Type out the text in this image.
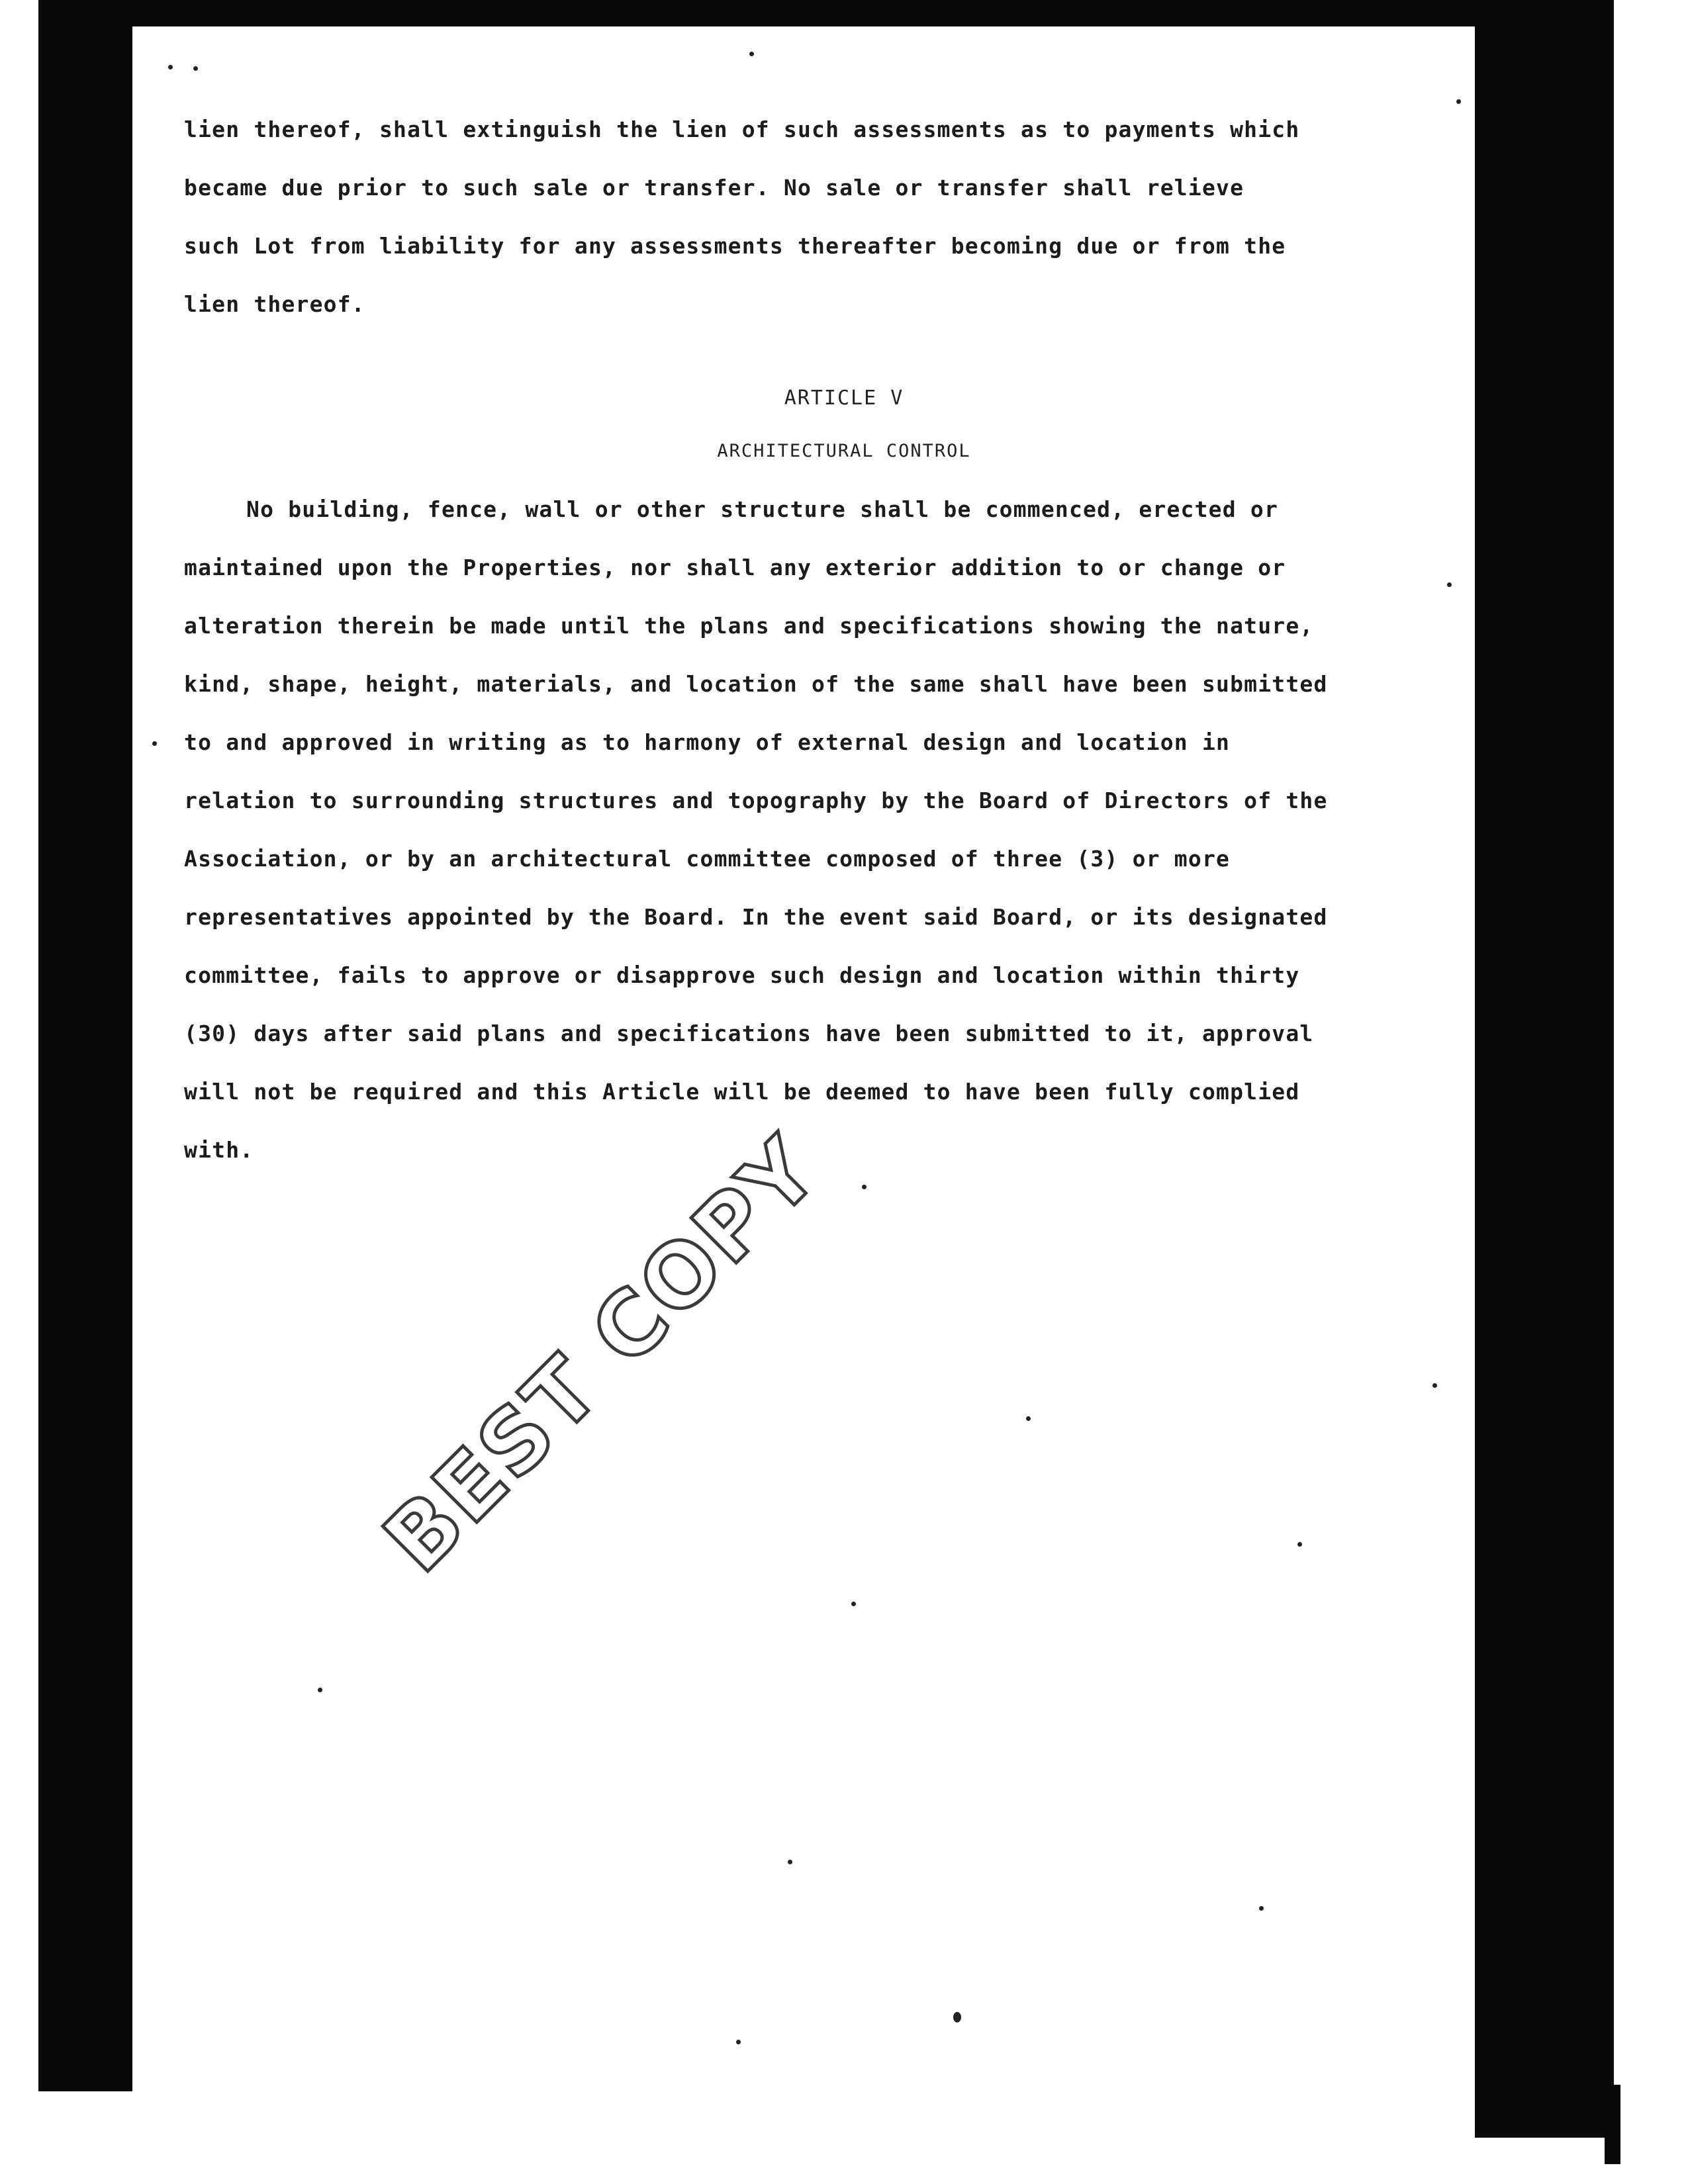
lien thereof, shall extinguish the lien of such assessments as to payments which
became due prior to such sale or transfer. No sale or transfer shall relieve
such Lot from liability for any assessments thereafter becoming due or from the
lien thereof.
ARTICLE V
ARCHITECTURAL CONTROL
No building, fence, wall or other structure shall be commenced, erected or
maintained upon the Properties, nor shall any exterior addition to or change or
alteration therein be made until the plans and specifications showing the nature,
kind, shape, height, materials, and location of the same shall have been submitted
to and approved in writing as to harmony of external design and location in
relation to surrounding structures and topography by the Board of Directors of the
Association, or by an architectural committee composed of three (3) or more
representatives appointed by the Board. In the event said Board, or its designated
committee, fails to approve or disapprove such design and location within thirty
(30) days after said plans and specifications have been submitted to it, approval
will not be required and this Article will be deemed to have been fully complied
with. BEST COPY
